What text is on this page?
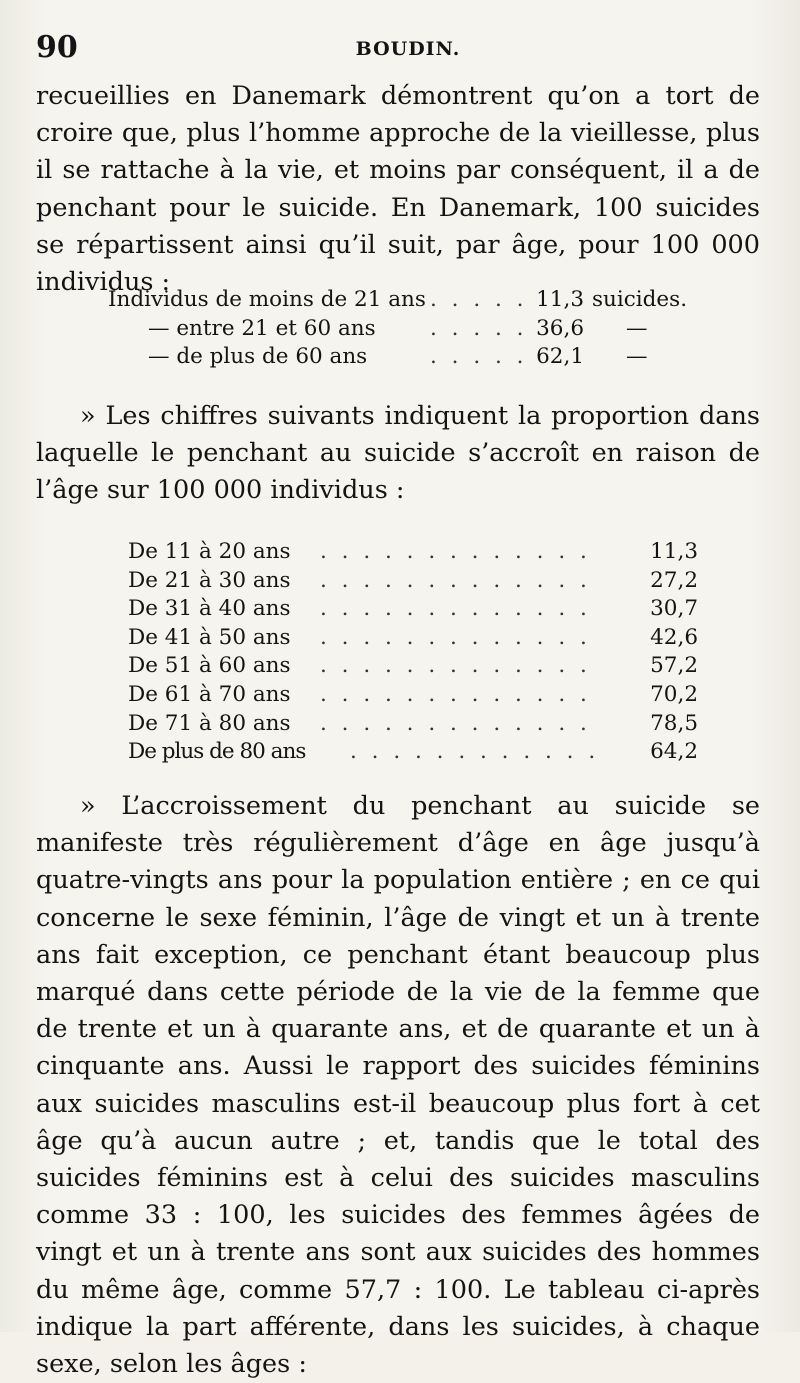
90	BOUDIN.

recueillies en Danemark démontrent qu’on a tort de croire que, plus l’homme approche de la vieillesse, plus il se rattache à la vie, et moins par conséquent, il a de penchant pour le suicide. En Danemark, 100 suicides se répartissent ainsi qu’il suit, par âge, pour 100 000 individus :

Individus de moins de 21 ans . . . . . 11,3 suicides.
— entre 21 et 60 ans	. . . . . 36,6 —
— de plus de 60 ans	. . . . . 62,1 —

» Les chiffres suivants indiquent la proportion dans laquelle le penchant au suicide s’accroît en raison de l’âge sur 100 000 individus :

De 11 à 20 ans . . . . . . . . . . . . .	11,3
De 21 à 30 ans . . . . . . . . . . . . .	27,2
De 31 à 40 ans . . . . . . . . . . . . .	30,7
De 41 à 50 ans . . . . . . . . . . . . .	42,6
De 51 à 60 ans . . . . . . . . . . . . .	57,2
De 61 à 70 ans . . . . . . . . . . . . .	70,2
De 71 à 80 ans . . . . . . . . . . . . .	78,5
De plus de 80 ans . . . . . . . . . . . .	64,2

» L’accroissement du penchant au suicide se manifeste très régulièrement d’âge en âge jusqu’à quatre-vingts ans pour la population entière ; en ce qui concerne le sexe féminin, l’âge de vingt et un à trente ans fait exception, ce penchant étant beaucoup plus marqué dans cette période de la vie de la femme que de trente et un à quarante ans, et de quarante et un à cinquante ans. Aussi le rapport des suicides féminins aux suicides masculins est-il beaucoup plus fort à cet âge qu’à aucun autre ; et, tandis que le total des suicides féminins est à celui des suicides masculins comme 33 : 100, les suicides des femmes âgées de vingt et un à trente ans sont aux suicides des hommes du même âge, comme 57,7 : 100. Le tableau ci-après indique la part afférente, dans les suicides, à chaque sexe, selon les âges :
